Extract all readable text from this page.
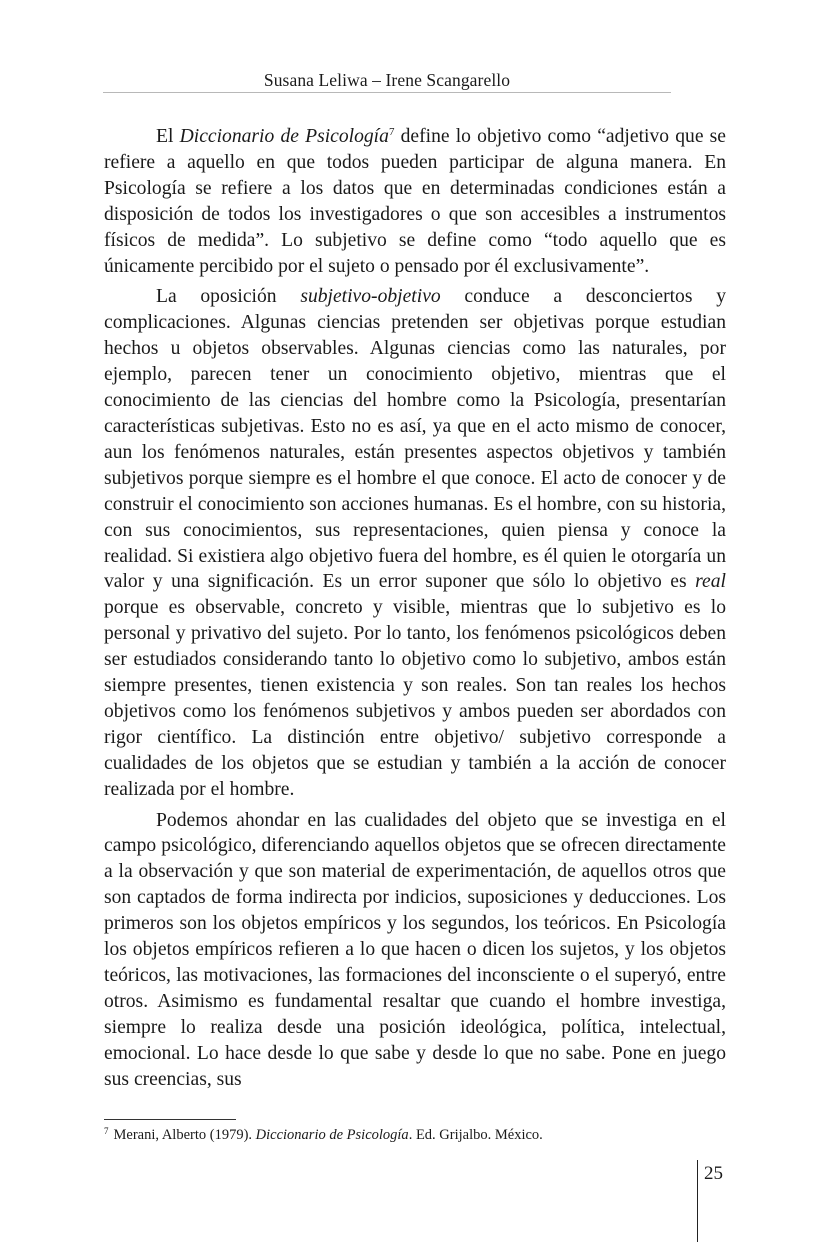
Susana Leliwa – Irene Scangarello

El Diccionario de Psicología$^7$ define lo objetivo como “adjetivo que se refiere a aquello en que todos pueden participar de alguna manera. En Psicología se refiere a los datos que en determinadas condiciones están a disposición de todos los investigadores o que son accesibles a instrumentos físicos de medida”. Lo subjetivo se define como “todo aquello que es únicamente percibido por el sujeto o pensado por él exclusivamente”.

La oposición subjetivo-objetivo conduce a desconciertos y complicaciones. Algunas ciencias pretenden ser objetivas porque estudian hechos u objetos observables. Algunas ciencias como las naturales, por ejemplo, parecen tener un conocimiento objetivo, mientras que el conocimiento de las ciencias del hombre como la Psicología, presentarían características subjetivas. Esto no es así, ya que en el acto mismo de conocer, aun los fenómenos naturales, están presentes aspectos objetivos y también subjetivos porque siempre es el hombre el que conoce. El acto de conocer y de construir el conocimiento son acciones humanas. Es el hombre, con su historia, con sus conocimientos, sus representaciones, quien piensa y conoce la realidad. Si existiera algo objetivo fuera del hombre, es él quien le otorgaría un valor y una significación. Es un error suponer que sólo lo objetivo es real porque es observable, concreto y visible, mientras que lo subjetivo es lo personal y privativo del sujeto. Por lo tanto, los fenómenos psicológicos deben ser estudiados considerando tanto lo objetivo como lo subjetivo, ambos están siempre presentes, tienen existencia y son reales. Son tan reales los hechos objetivos como los fenómenos subjetivos y ambos pueden ser abordados con rigor científico. La distinción entre objetivo/ subjetivo corresponde a cualidades de los objetos que se estudian y también a la acción de conocer realizada por el hombre.

Podemos ahondar en las cualidades del objeto que se investiga en el campo psicológico, diferenciando aquellos objetos que se ofrecen directamente a la observación y que son material de experimentación, de aquellos otros que son captados de forma indirecta por indicios, suposiciones y deducciones. Los primeros son los objetos empíricos y los segundos, los teóricos. En Psicología los objetos empíricos refieren a lo que hacen o dicen los sujetos, y los objetos teóricos, las motivaciones, las formaciones del inconsciente o el superyó, entre otros. Asimismo es fundamental resaltar que cuando el hombre investiga, siempre lo realiza desde una posición ideológica, política, intelectual, emocional. Lo hace desde lo que sabe y desde lo que no sabe. Pone en juego sus creencias, sus

$^7$ Merani, Alberto (1979). Diccionario de Psicología. Ed. Grijalbo. México.
25
